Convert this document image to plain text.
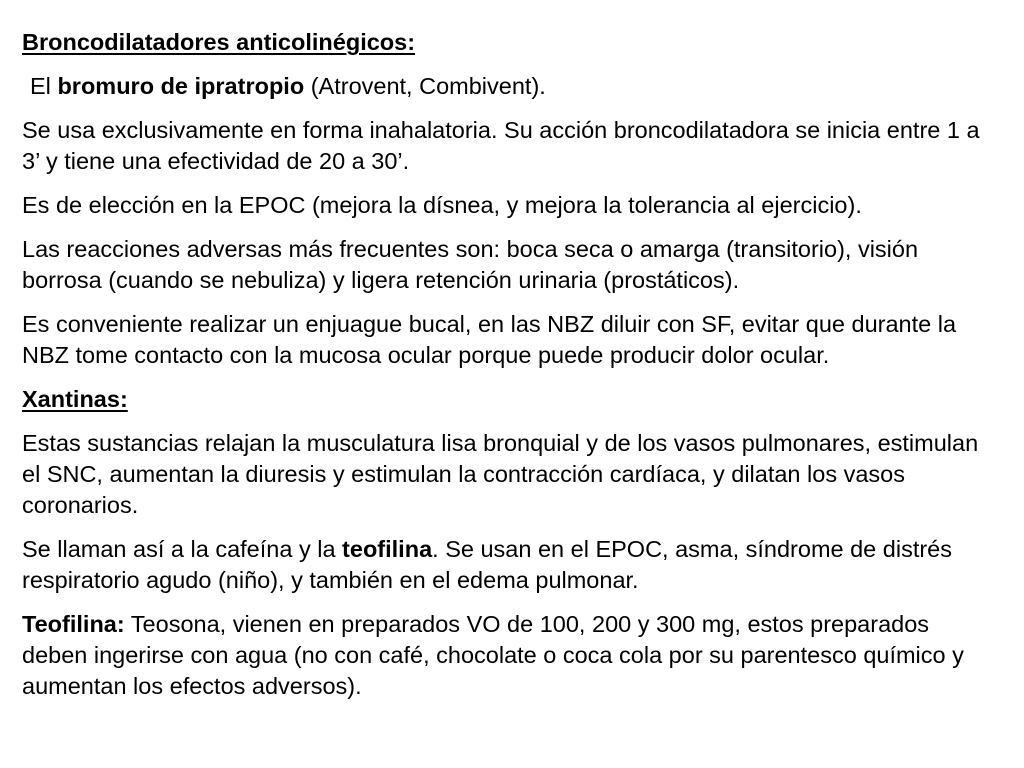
Broncodilatadores anticolinégicos:
El bromuro de ipratropio (Atrovent, Combivent).
Se usa exclusivamente en forma inahalatoria. Su acción broncodilatadora se inicia entre 1 a 3’ y tiene una efectividad de 20 a 30’.
Es de elección en la EPOC (mejora la dísnea, y mejora la tolerancia al ejercicio).
Las reacciones adversas más frecuentes son: boca seca o amarga (transitorio), visión borrosa (cuando se nebuliza) y ligera retención urinaria (prostáticos).
Es conveniente realizar un enjuague bucal, en las NBZ diluir con SF, evitar que durante la NBZ tome contacto con la mucosa ocular porque puede producir dolor ocular.
Xantinas:
Estas sustancias relajan la musculatura lisa bronquial y de los vasos pulmonares, estimulan el SNC, aumentan la diuresis y estimulan la contracción cardíaca, y dilatan los vasos coronarios.
Se llaman así a la cafeína y la teofilina. Se usan en el EPOC, asma, síndrome de distrés respiratorio agudo (niño), y también en el edema pulmonar.
Teofilina: Teosona, vienen en preparados VO de 100, 200 y 300 mg, estos preparados deben ingerirse con agua (no con café, chocolate o coca cola por su parentesco químico y aumentan los efectos adversos).
